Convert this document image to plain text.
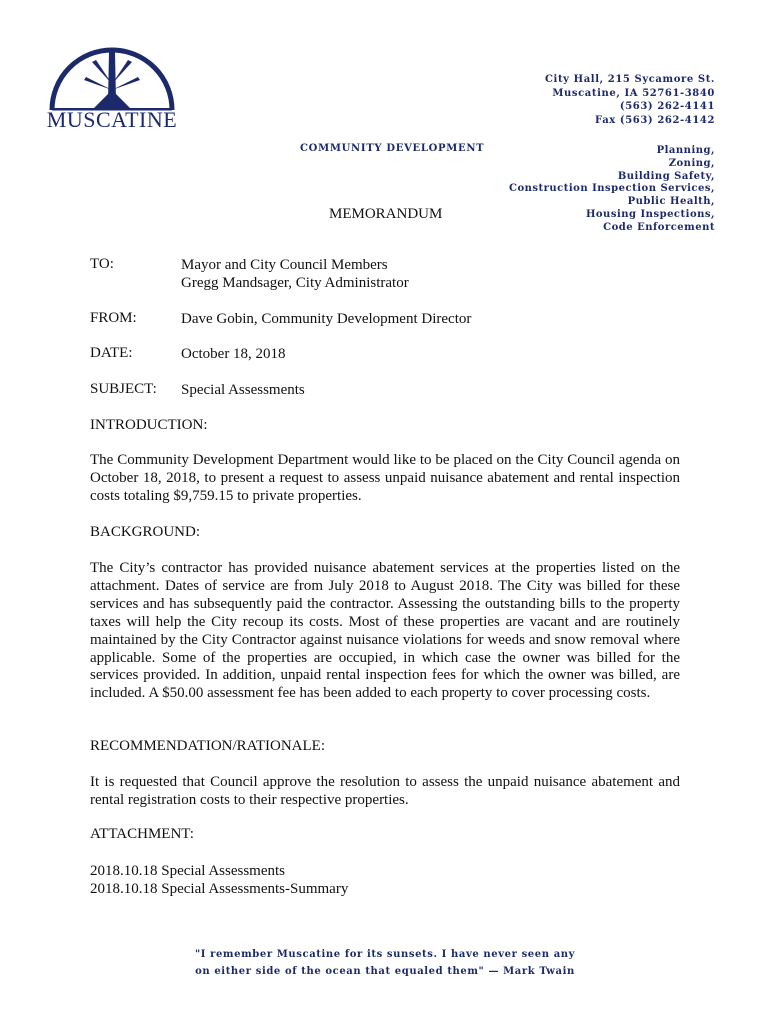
MUSCATINE
City Hall, 215 Sycamore St.
Muscatine, IA 52761-3840
(563) 262-4141
Fax (563) 262-4142
COMMUNITY DEVELOPMENT	Planning,
Zoning,
Building Safety,
Construction Inspection Services,
Public Health,
Housing Inspections,
Code Enforcement
MEMORANDUM
TO:	Mayor and City Council Members
Gregg Mandsager, City Administrator
FROM:	Dave Gobin, Community Development Director
DATE:	October 18, 2018
SUBJECT: Special Assessments
INTRODUCTION:
The Community Development Department would like to be placed on the City Council agenda on October 18, 2018, to present a request to assess unpaid nuisance abatement and rental inspection costs totaling $9,759.15 to private properties.
BACKGROUND:
The City’s contractor has provided nuisance abatement services at the properties listed on the attachment. Dates of service are from July 2018 to August 2018. The City was billed for these services and has subsequently paid the contractor. Assessing the outstanding bills to the property taxes will help the City recoup its costs. Most of these properties are vacant and are routinely maintained by the City Contractor against nuisance violations for weeds and snow removal where applicable. Some of the properties are occupied, in which case the owner was billed for the services provided. In addition, unpaid rental inspection fees for which the owner was billed, are included. A $50.00 assessment fee has been added to each property to cover processing costs.
RECOMMENDATION/RATIONALE:
It is requested that Council approve the resolution to assess the unpaid nuisance abatement and rental registration costs to their respective properties.
ATTACHMENT:
2018.10.18 Special Assessments
2018.10.18 Special Assessments-Summary
"I remember Muscatine for its sunsets. I have never seen any
on either side of the ocean that equaled them" — Mark Twain
